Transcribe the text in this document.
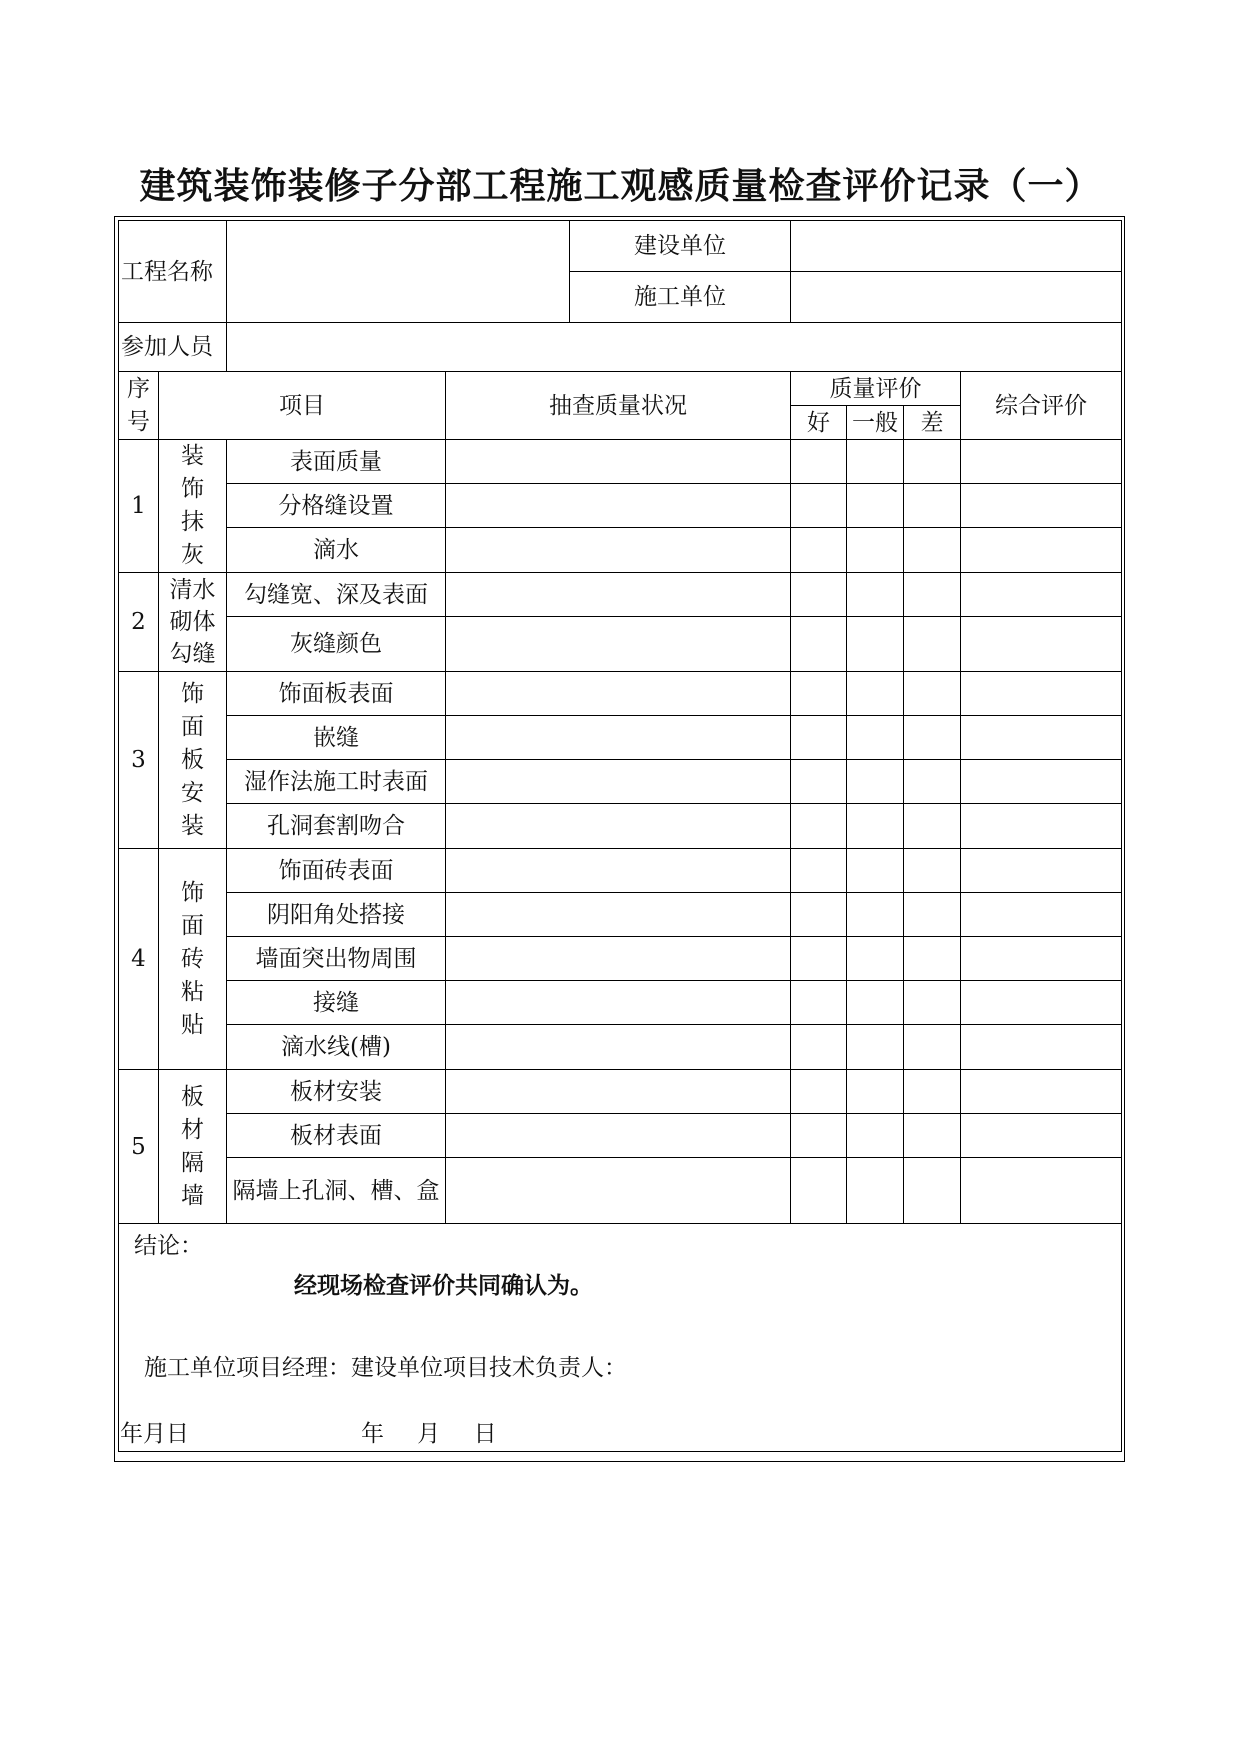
建筑装饰装修子分部工程施工观感质量检查评价记录（一）
工程名称				建设单位				
				施工单位				
参加人员								
序号	项目		抽查质量状况		质量评价			综合评价
					好	一般	差	
1	装饰抹灰	表面质量						
		分格缝设置						
		滴水						
2	清水砌体勾缝	勾缝宽、深及表面						
		灰缝颜色						
3	饰面板安装	饰面板表面						
		嵌缝						
		湿作法施工时表面						
		孔洞套割吻合						
4	饰面砖粘贴	饰面砖表面						
		阴阳角处搭接						
		墙面突出物周围						
		接缝						
		滴水线(槽)						
5	板材隔墙	板材安装						
		板材表面						
		隔墙上孔洞、槽、盒						

结论：
经现场检查评价共同确认为。
施工单位项目经理：建设单位项目技术负责人：
年月日 年 月 日								
